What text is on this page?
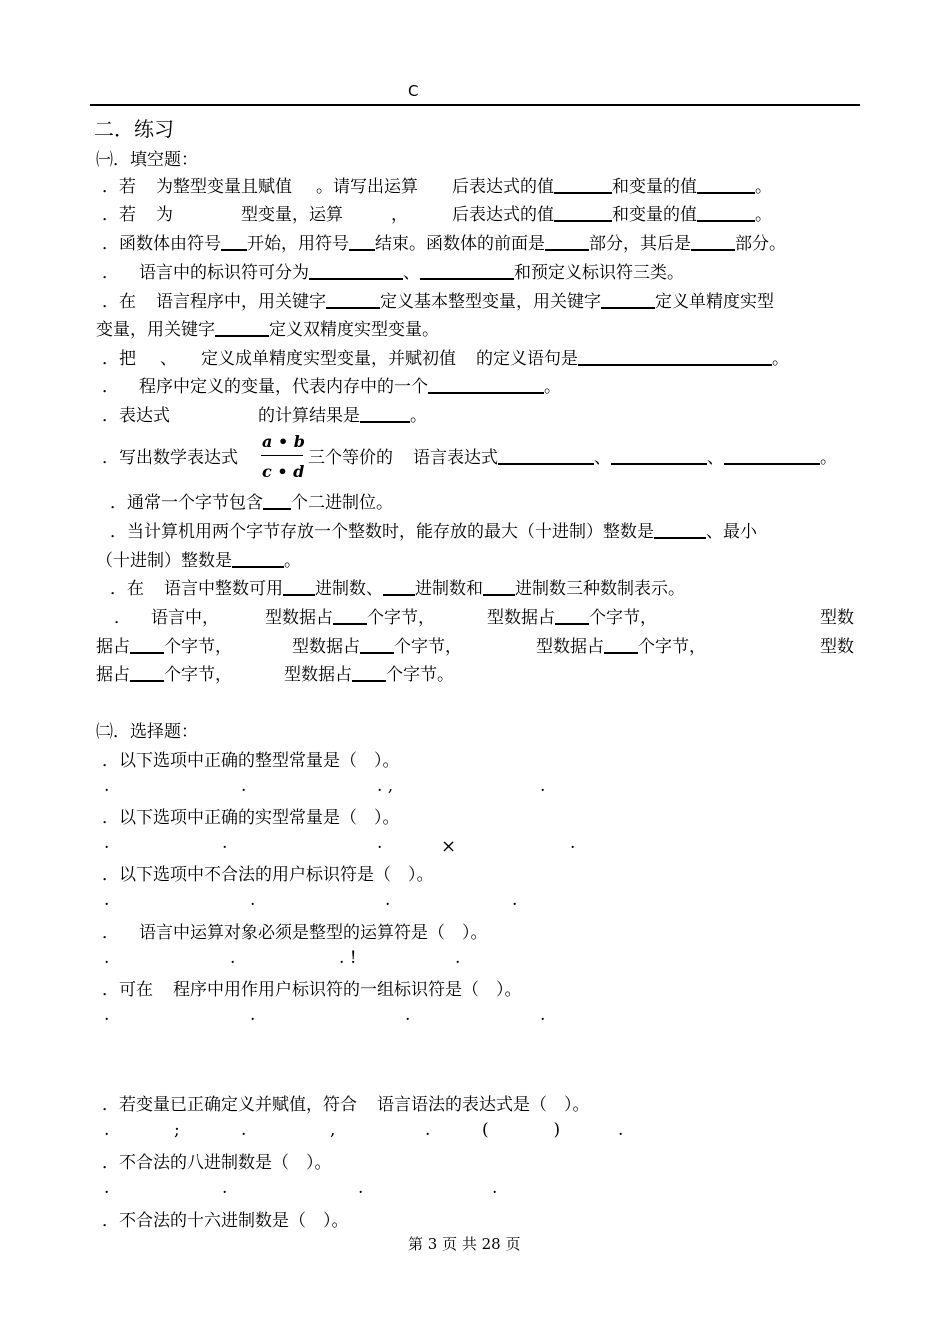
C
二．练习
㈠．填空题：
．若 为整型变量且赋值 。请写出运算 后表达式的值	和变量的值	。
．若 为	型变量，运算	，	后表达式的值	和变量的值	。
．函数体由符号 开始，用符号 结束。函数体的前面是	部分，其后是	部分。
． 语言中的标识符可分为	、	和预定义标识符三类。
．在 语言程序中，用关键字	定义基本整型变量，用关键字	定义单精度实型
变量，用关键字	定义双精度实型变量。
．把 、 定义成单精度实型变量，并赋初值 的定义语句是	。
． 程序中定义的变量，代表内存中的一个	。
．表达式	的计算结果是	。
．写出数学表达式
a • b
c • d
三个等价的 语言表达式	、	、	。
．通常一个字节包含 个二进制位。
．当计算机用两个字节存放一个整数时，能存放的最大（十进制）整数是	、最小
（十进制）整数是	。
．在 语言中整数可用 进制数、 进制数和 进制数三种数制表示。
． 语言中，	型数据占 个字节，	型数据占 个字节，	型数
据占 个字节，	型数据占 个字节，	型数据占 个字节，	型数
据占 个字节，	型数据占 个字节。
㈡．选择题：
．以下选项中正确的整型常量是（　）。
.	.	. ,	.
．以下选项中正确的实型常量是（　）。
.	.	.	×	.
．以下选项中不合法的用户标识符是（　）。
.	.	.	.
． 语言中运算对象必须是整型的运算符是（　）。
.	.	. !	.
．可在 程序中用作用户标识符的一组标识符是（　）。
.	.	.	.
．若变量已正确定义并赋值，符合 语言语法的表达式是（　）。
.	;	.	,	.	(            )	.
．不合法的八进制数是（　）。
.	.	.	.
．不合法的十六进制数是（　）。
第 3 页 共 28 页
